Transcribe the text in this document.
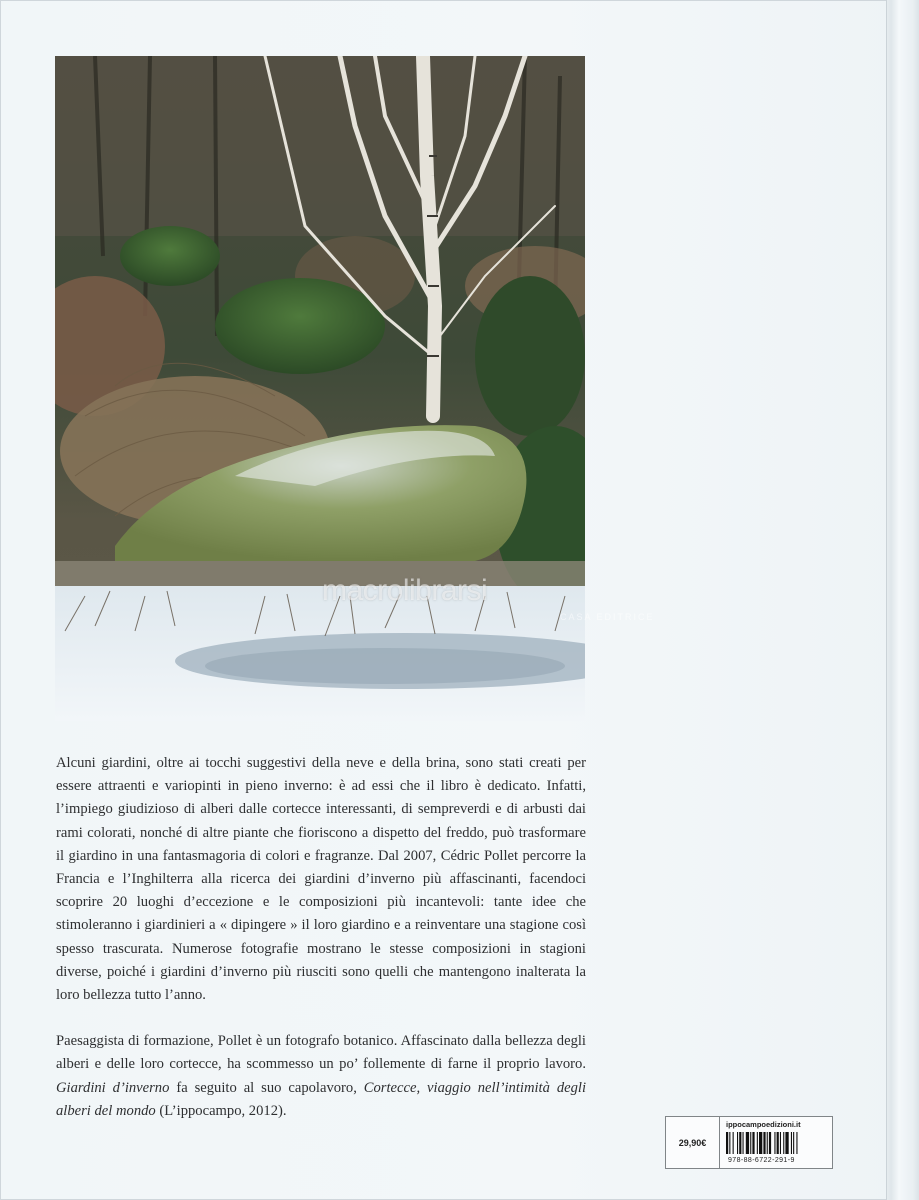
macrolibrarsi
CASA EDITRICE

Alcuni giardini, oltre ai tocchi suggestivi della neve e della brina, sono stati creati per essere attraenti e variopinti in pieno inverno: è ad essi che il libro è dedicato. Infatti, l’impiego giudizioso di alberi dalle cortecce interessanti, di sempreverdi e di arbusti dai rami colorati, nonché di altre piante che fioriscono a dispetto del freddo, può trasformare il giardino in una fantasmagoria di colori e fragranze. Dal 2007, Cédric Pollet percorre la Francia e l’Inghilterra alla ricerca dei giardini d’inverno più affascinanti, facendoci scoprire 20 luoghi d’eccezione e le composizioni più incantevoli: tante idee che stimoleranno i giardinieri a « dipingere » il loro giardino e a reinventare una stagione così spesso trascurata. Numerose fotografie mostrano le stesse composizioni in stagioni diverse, poiché i giardini d’inverno più riusciti sono quelli che mantengono inalterata la loro bellezza tutto l’anno.

Paesaggista di formazione, Pollet è un fotografo botanico. Affascinato dalla bellezza degli alberi e delle loro cortecce, ha scommesso un po’ follemente di farne il proprio lavoro. Giardini d’inverno fa seguito al suo capolavoro, Cortecce, viaggio nell’intimità degli alberi del mondo (L’ippocampo, 2012).

29,90€
ippocampoedizioni.it
978-88-6722-291-9
